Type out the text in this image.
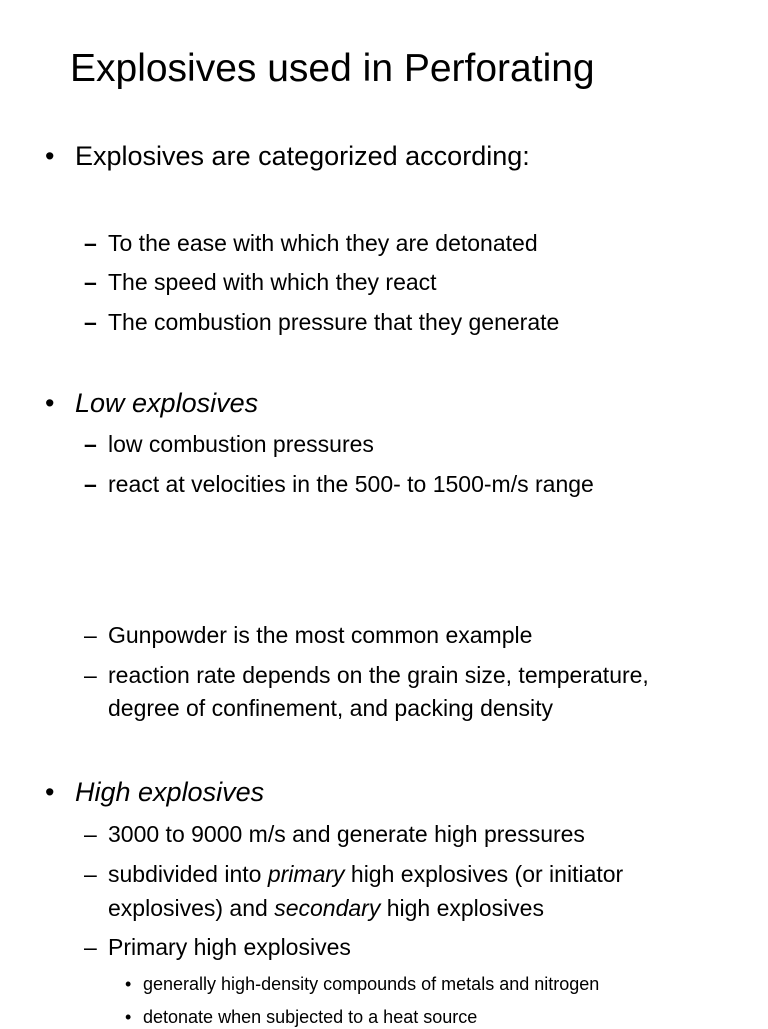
Explosives used in Perforating
• Explosives are categorized according:
– To the ease with which they are detonated
– The speed with which they react
– The combustion pressure that they generate
• Low explosives
– low combustion pressures
– react at velocities in the 500- to 1500-m/s range
– Gunpowder is the most common example
– reaction rate depends on the grain size, temperature,
degree of confinement, and packing density
• High explosives
– 3000 to 9000 m/s and generate high pressures
– subdivided into primary high explosives (or initiator
explosives) and secondary high explosives
– Primary high explosives
• generally high-density compounds of metals and nitrogen
• detonate when subjected to a heat source
